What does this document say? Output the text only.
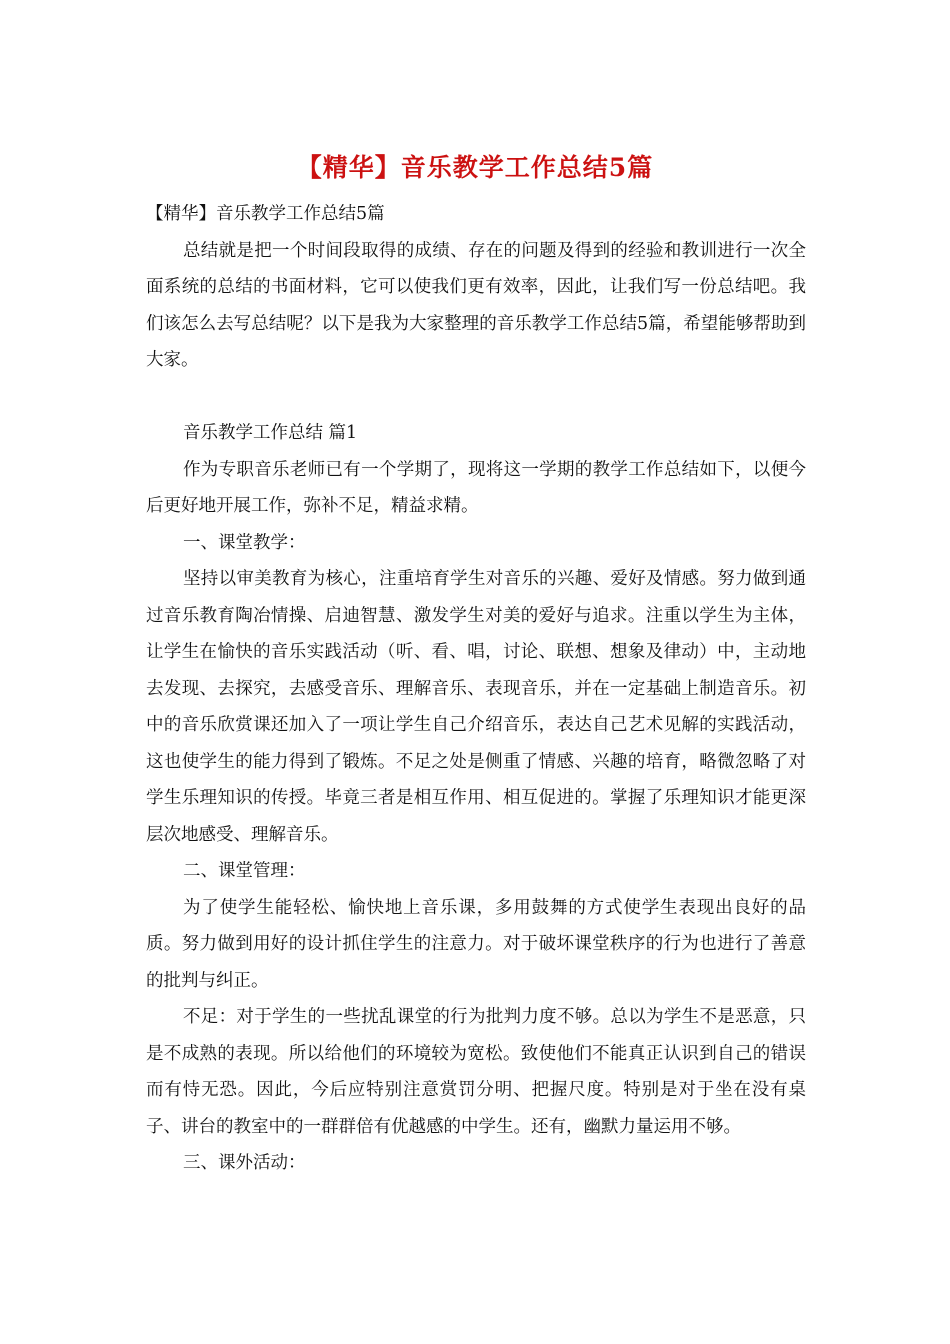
【精华】音乐教学工作总结5篇

【精华】音乐教学工作总结5篇

总结就是把一个时间段取得的成绩、存在的问题及得到的经验和教训进行一次全面系统的总结的书面材料，它可以使我们更有效率，因此，让我们写一份总结吧。我们该怎么去写总结呢？以下是我为大家整理的音乐教学工作总结5篇，希望能够帮助到大家。

音乐教学工作总结 篇1

作为专职音乐老师已有一个学期了，现将这一学期的教学工作总结如下，以便今后更好地开展工作，弥补不足，精益求精。

一、课堂教学：

坚持以审美教育为核心，注重培育学生对音乐的兴趣、爱好及情感。努力做到通过音乐教育陶冶情操、启迪智慧、激发学生对美的爱好与追求。注重以学生为主体，让学生在愉快的音乐实践活动（听、看、唱，讨论、联想、想象及律动）中，主动地去发现、去探究，去感受音乐、理解音乐、表现音乐，并在一定基础上制造音乐。初中的音乐欣赏课还加入了一项让学生自己介绍音乐，表达自己艺术见解的实践活动，这也使学生的能力得到了锻炼。不足之处是侧重了情感、兴趣的培育，略微忽略了对学生乐理知识的传授。毕竟三者是相互作用、相互促进的。掌握了乐理知识才能更深层次地感受、理解音乐。

二、课堂管理：

为了使学生能轻松、愉快地上音乐课，多用鼓舞的方式使学生表现出良好的品质。努力做到用好的设计抓住学生的注意力。对于破坏课堂秩序的行为也进行了善意的批判与纠正。

不足：对于学生的一些扰乱课堂的行为批判力度不够。总以为学生不是恶意，只是不成熟的表现。所以给他们的环境较为宽松。致使他们不能真正认识到自己的错误而有恃无恐。因此，今后应特别注意赏罚分明、把握尺度。特别是对于坐在没有桌子、讲台的教室中的一群群倍有优越感的中学生。还有，幽默力量运用不够。

三、课外活动：
